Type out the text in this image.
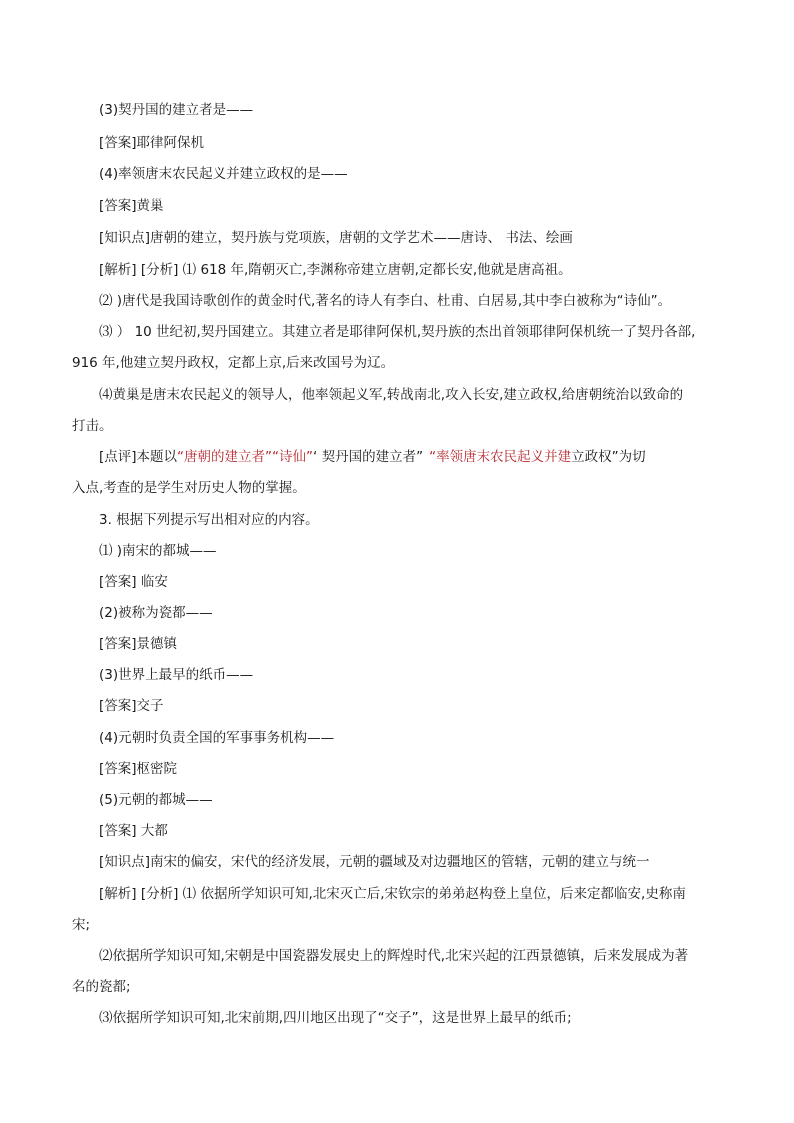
(3)契丹国的建立者是——
[答案]耶律阿保机
(4)率领唐末农民起义并建立政权的是——
[答案]黄巢
[知识点]唐朝的建立，契丹族与党项族，唐朝的文学艺术——唐诗、 书法、绘画
[解析] [分析] ⑴ 618 年,隋朝灭亡,李渊称帝建立唐朝,定都长安,他就是唐高祖。
⑵ )唐代是我国诗歌创作的黄金时代,著名的诗人有李白、杜甫、白居易,其中李白被称为“诗仙”。
⑶ ） 10 世纪初,契丹国建立。其建立者是耶律阿保机,契丹族的杰出首领耶律阿保机统一了契丹各部,
916 年,他建立契丹政权，定都上京,后来改国号为辽。
⑷黄巢是唐末农民起义的领导人，他率领起义军,转战南北,攻入长安,建立政权,给唐朝统治以致命的
打击。
[点评]本题以“唐朝的建立者”“诗仙”‘ 契丹国的建立者” “率领唐末农民起义并建立政权”为切
入点,考查的是学生对历史人物的掌握。
3. 根据下列提示写出相对应的内容。
⑴ )南宋的都城——
[答案] 临安
(2)被称为瓷都——
[答案]景德镇
(3)世界上最早的纸币——
[答案]交子
(4)元朝时负责全国的军事事务机构——
[答案]枢密院
(5)元朝的都城——
[答案] 大都
[知识点]南宋的偏安，宋代的经济发展，元朝的疆域及对边疆地区的管辖，元朝的建立与统一
[解析] [分析] ⑴ 依据所学知识可知,北宋灭亡后,宋钦宗的弟弟赵构登上皇位，后来定都临安,史称南
宋;
⑵依据所学知识可知,宋朝是中国瓷器发展史上的辉煌时代,北宋兴起的江西景德镇，后来发展成为著
名的瓷都;
⑶依据所学知识可知,北宋前期,四川地区出现了“交子”，这是世界上最早的纸币;
